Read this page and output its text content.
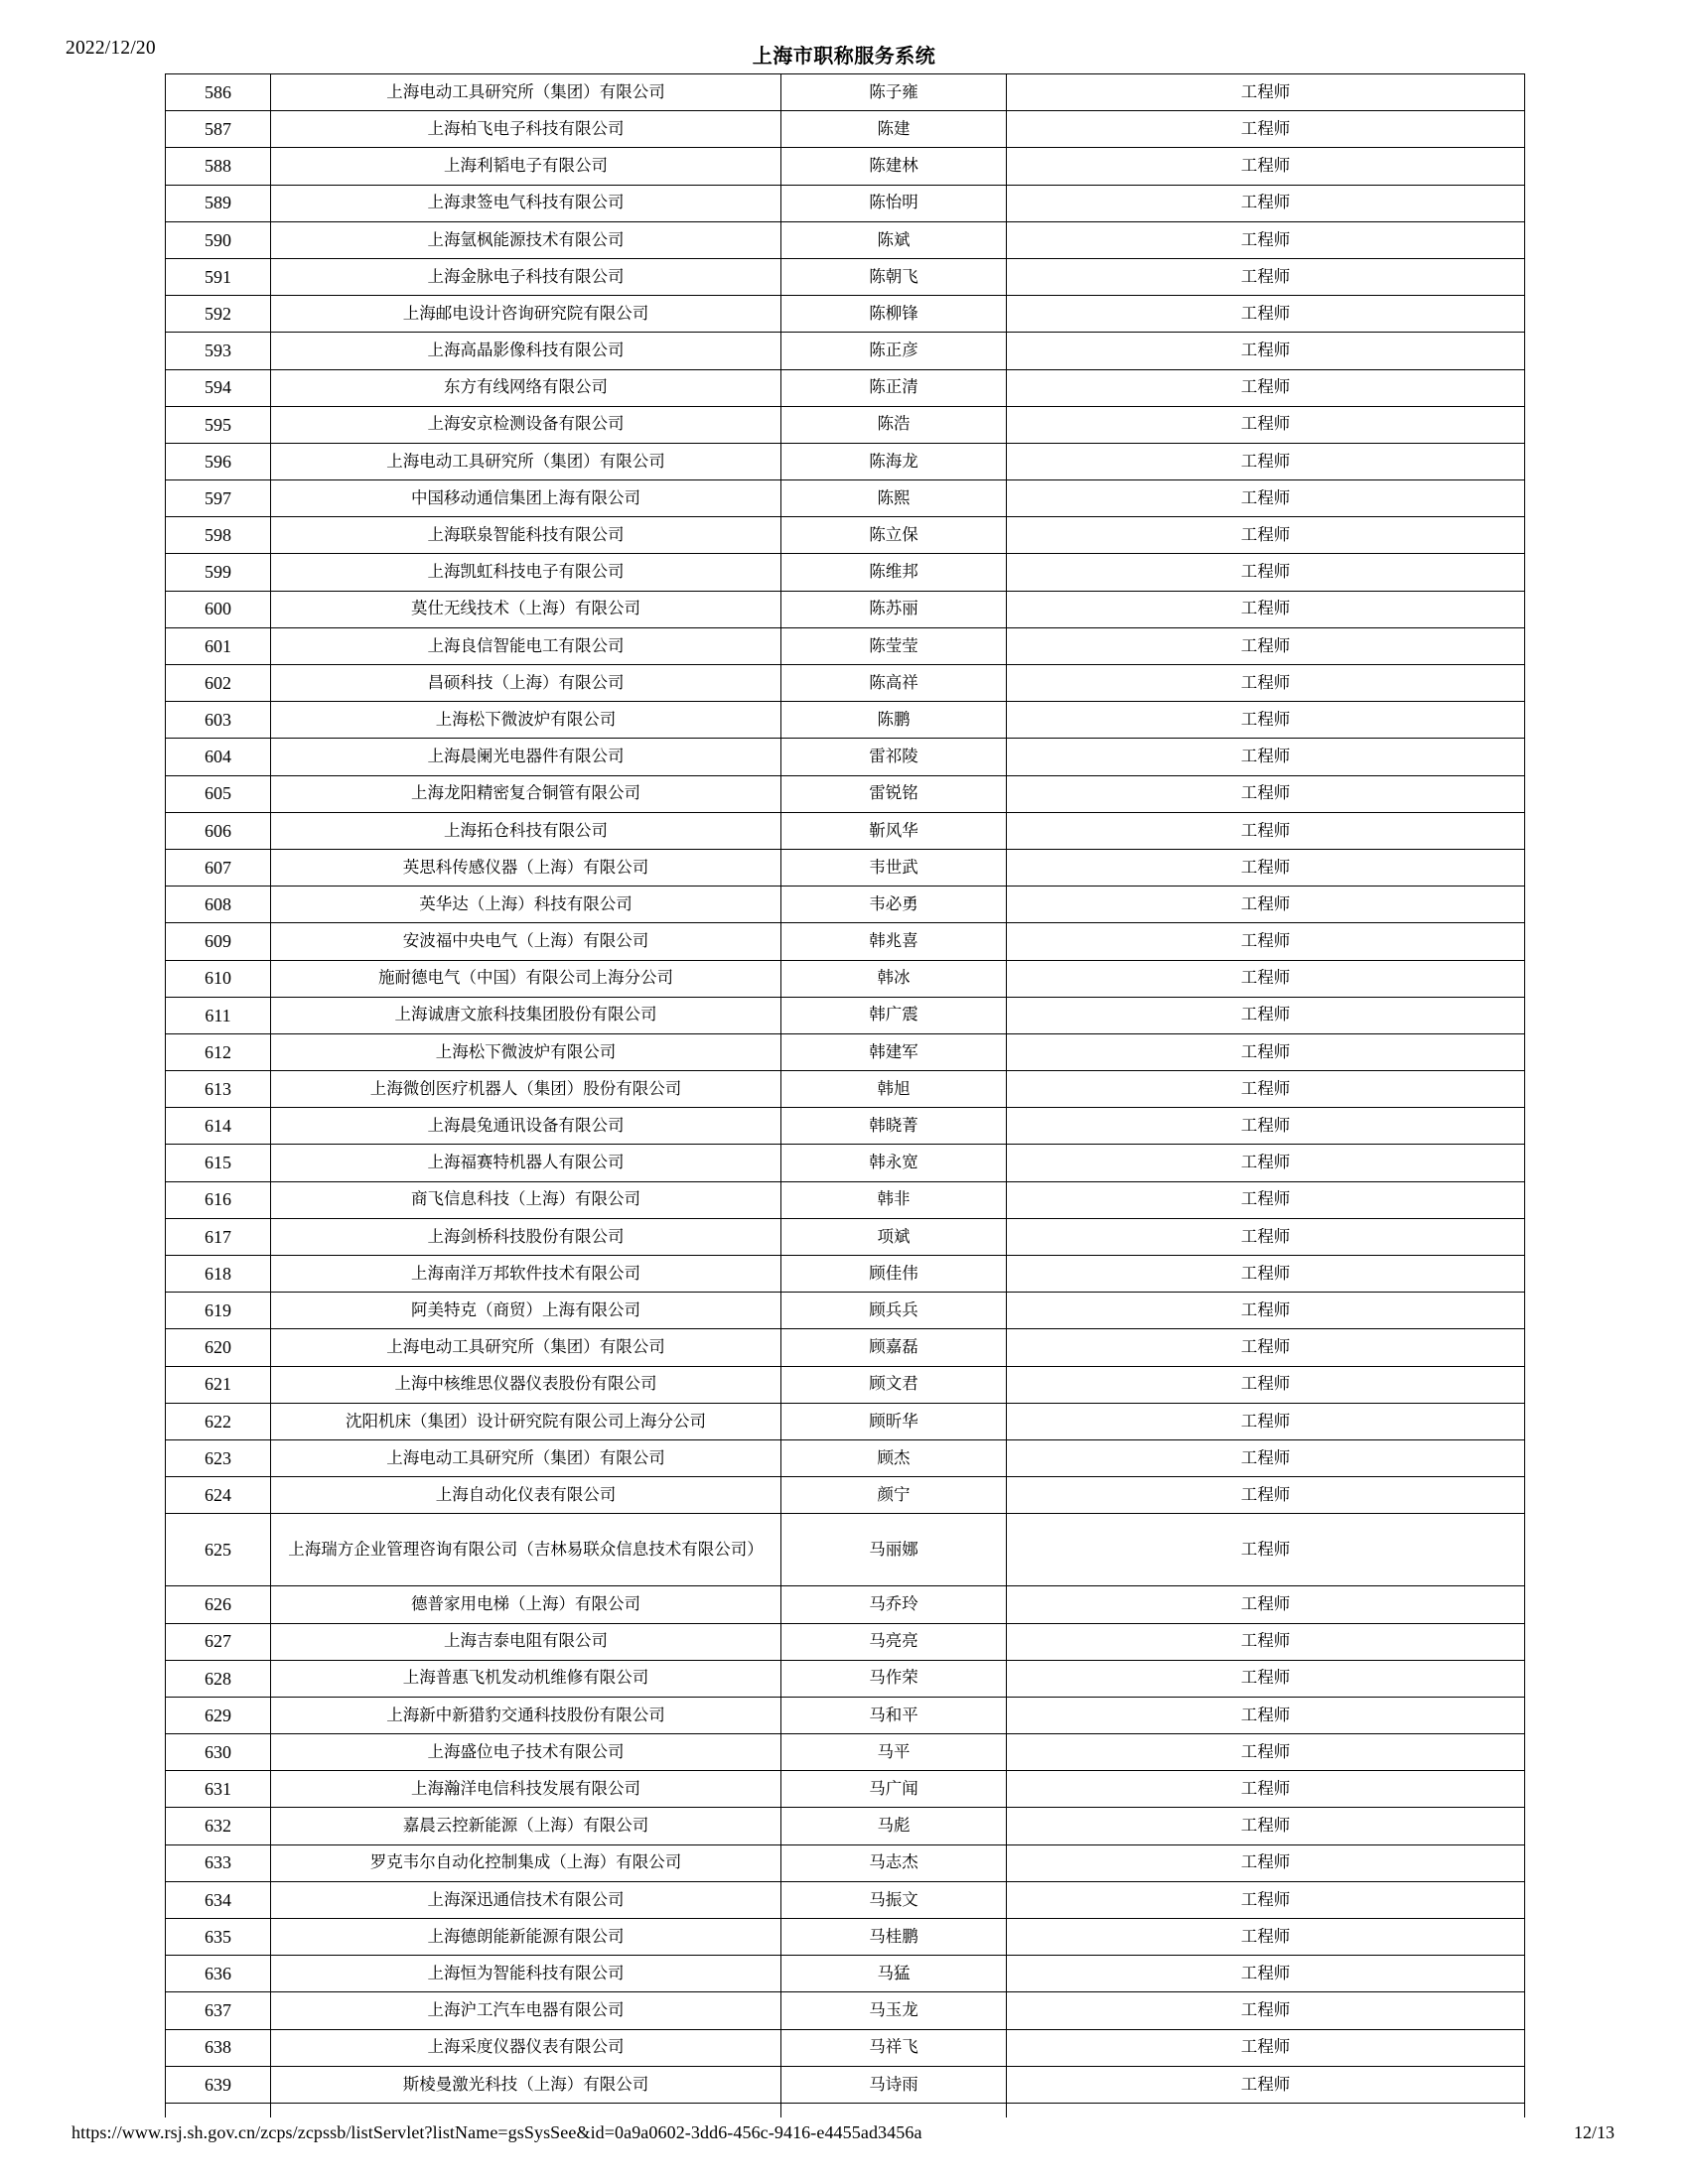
2022/12/20	上海市职称服务系统
586	上海电动工具研究所（集团）有限公司	陈子雍	工程师
587	上海柏飞电子科技有限公司	陈建	工程师
588	上海利韬电子有限公司	陈建林	工程师
589	上海隶签电气科技有限公司	陈怡明	工程师
590	上海氫枫能源技术有限公司	陈斌	工程师
591	上海金脉电子科技有限公司	陈朝飞	工程师
592	上海邮电设计咨询研究院有限公司	陈柳锋	工程师
593	上海高晶影像科技有限公司	陈正彦	工程师
594	东方有线网络有限公司	陈正清	工程师
595	上海安京检测设备有限公司	陈浩	工程师
596	上海电动工具研究所（集团）有限公司	陈海龙	工程师
597	中国移动通信集团上海有限公司	陈熙	工程师
598	上海联泉智能科技有限公司	陈立保	工程师
599	上海凯虹科技电子有限公司	陈维邦	工程师
600	莫仕无线技术（上海）有限公司	陈苏丽	工程师
601	上海良信智能电工有限公司	陈莹莹	工程师
602	昌硕科技（上海）有限公司	陈高祥	工程师
603	上海松下微波炉有限公司	陈鹏	工程师
604	上海晨阑光电器件有限公司	雷祁陵	工程师
605	上海龙阳精密复合铜管有限公司	雷锐铭	工程师
606	上海拓仓科技有限公司	靳风华	工程师
607	英思科传感仪器（上海）有限公司	韦世武	工程师
608	英华达（上海）科技有限公司	韦必勇	工程师
609	安波福中央电气（上海）有限公司	韩兆喜	工程师
610	施耐德电气（中国）有限公司上海分公司	韩冰	工程师
611	上海诚唐文旅科技集团股份有限公司	韩广震	工程师
612	上海松下微波炉有限公司	韩建军	工程师
613	上海微创医疗机器人（集团）股份有限公司	韩旭	工程师
614	上海晨兔通讯设备有限公司	韩晓菁	工程师
615	上海福赛特机器人有限公司	韩永宽	工程师
616	商飞信息科技（上海）有限公司	韩非	工程师
617	上海剑桥科技股份有限公司	项斌	工程师
618	上海南洋万邦软件技术有限公司	顾佳伟	工程师
619	阿美特克（商贸）上海有限公司	顾兵兵	工程师
620	上海电动工具研究所（集团）有限公司	顾嘉磊	工程师
621	上海中核维思仪器仪表股份有限公司	顾文君	工程师
622	沈阳机床（集团）设计研究院有限公司上海分公司	顾昕华	工程师
623	上海电动工具研究所（集团）有限公司	顾杰	工程师
624	上海自动化仪表有限公司	颜宁	工程师
625	上海瑞方企业管理咨询有限公司（吉林易联众信息技术有限公司）	马丽娜	工程师
626	德普家用电梯（上海）有限公司	马乔玲	工程师
627	上海吉泰电阻有限公司	马亮亮	工程师
628	上海普惠飞机发动机维修有限公司	马作荣	工程师
629	上海新中新猎豹交通科技股份有限公司	马和平	工程师
630	上海盛位电子技术有限公司	马平	工程师
631	上海瀚洋电信科技发展有限公司	马广闻	工程师
632	嘉晨云控新能源（上海）有限公司	马彪	工程师
633	罗克韦尔自动化控制集成（上海）有限公司	马志杰	工程师
634	上海深迅通信技术有限公司	马振文	工程师
635	上海德朗能新能源有限公司	马桂鹏	工程师
636	上海恒为智能科技有限公司	马猛	工程师
637	上海沪工汽车电器有限公司	马玉龙	工程师
638	上海采度仪器仪表有限公司	马祥飞	工程师
639	斯棱曼激光科技（上海）有限公司	马诗雨	工程师

https://www.rsj.sh.gov.cn/zcps/zcpssb/listServlet?listName=gsSysSee&id=0a9a0602-3dd6-456c-9416-e4455ad3456a	12/13
